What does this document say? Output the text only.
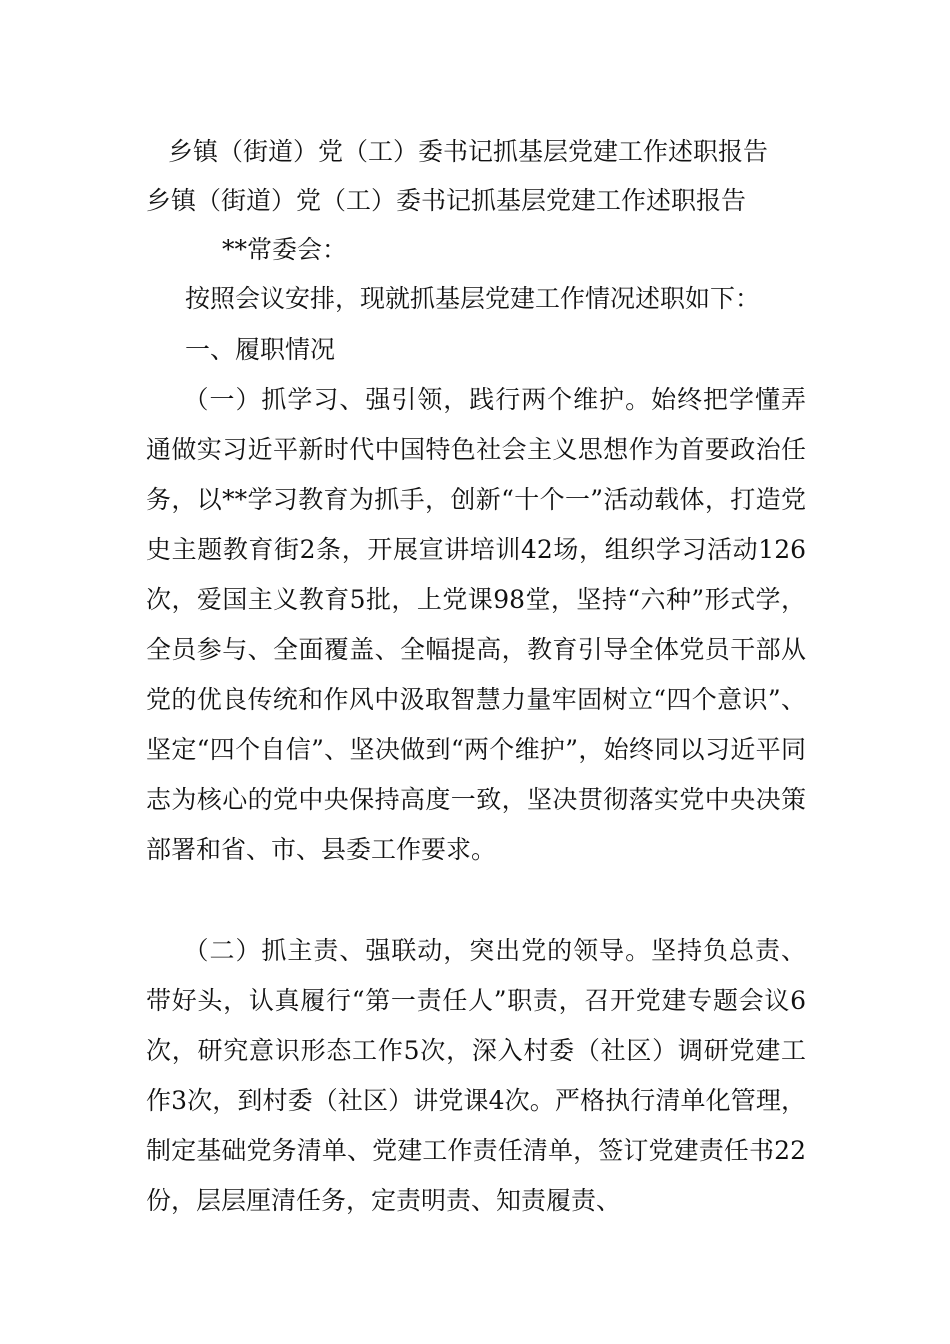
乡镇（街道）党（工）委书记抓基层党建工作述职报告
乡镇（街道）党（工）委书记抓基层党建工作述职报告
**常委会：
按照会议安排，现就抓基层党建工作情况述职如下：
一、履职情况
（一）抓学习、强引领，践行两个维护。始终把学懂弄通做实习近平新时代中国特色社会主义思想作为首要政治任务，以**学习教育为抓手，创新“十个一”活动载体，打造党史主题教育街2条，开展宣讲培训42场，组织学习活动126次，爱国主义教育5批，上党课98堂，坚持“六种”形式学，全员参与、全面覆盖、全幅提高，教育引导全体党员干部从党的优良传统和作风中汲取智慧力量牢固树立“四个意识”、坚定“四个自信”、坚决做到“两个维护”，始终同以习近平同志为核心的党中央保持高度一致，坚决贯彻落实党中央决策部署和省、市、县委工作要求。
（二）抓主责、强联动，突出党的领导。坚持负总责、带好头，认真履行“第一责任人”职责，召开党建专题会议6次，研究意识形态工作5次，深入村委（社区）调研党建工作3次，到村委（社区）讲党课4次。严格执行清单化管理，制定基础党务清单、党建工作责任清单，签订党建责任书22份，层层厘清任务，定责明责、知责履责、
